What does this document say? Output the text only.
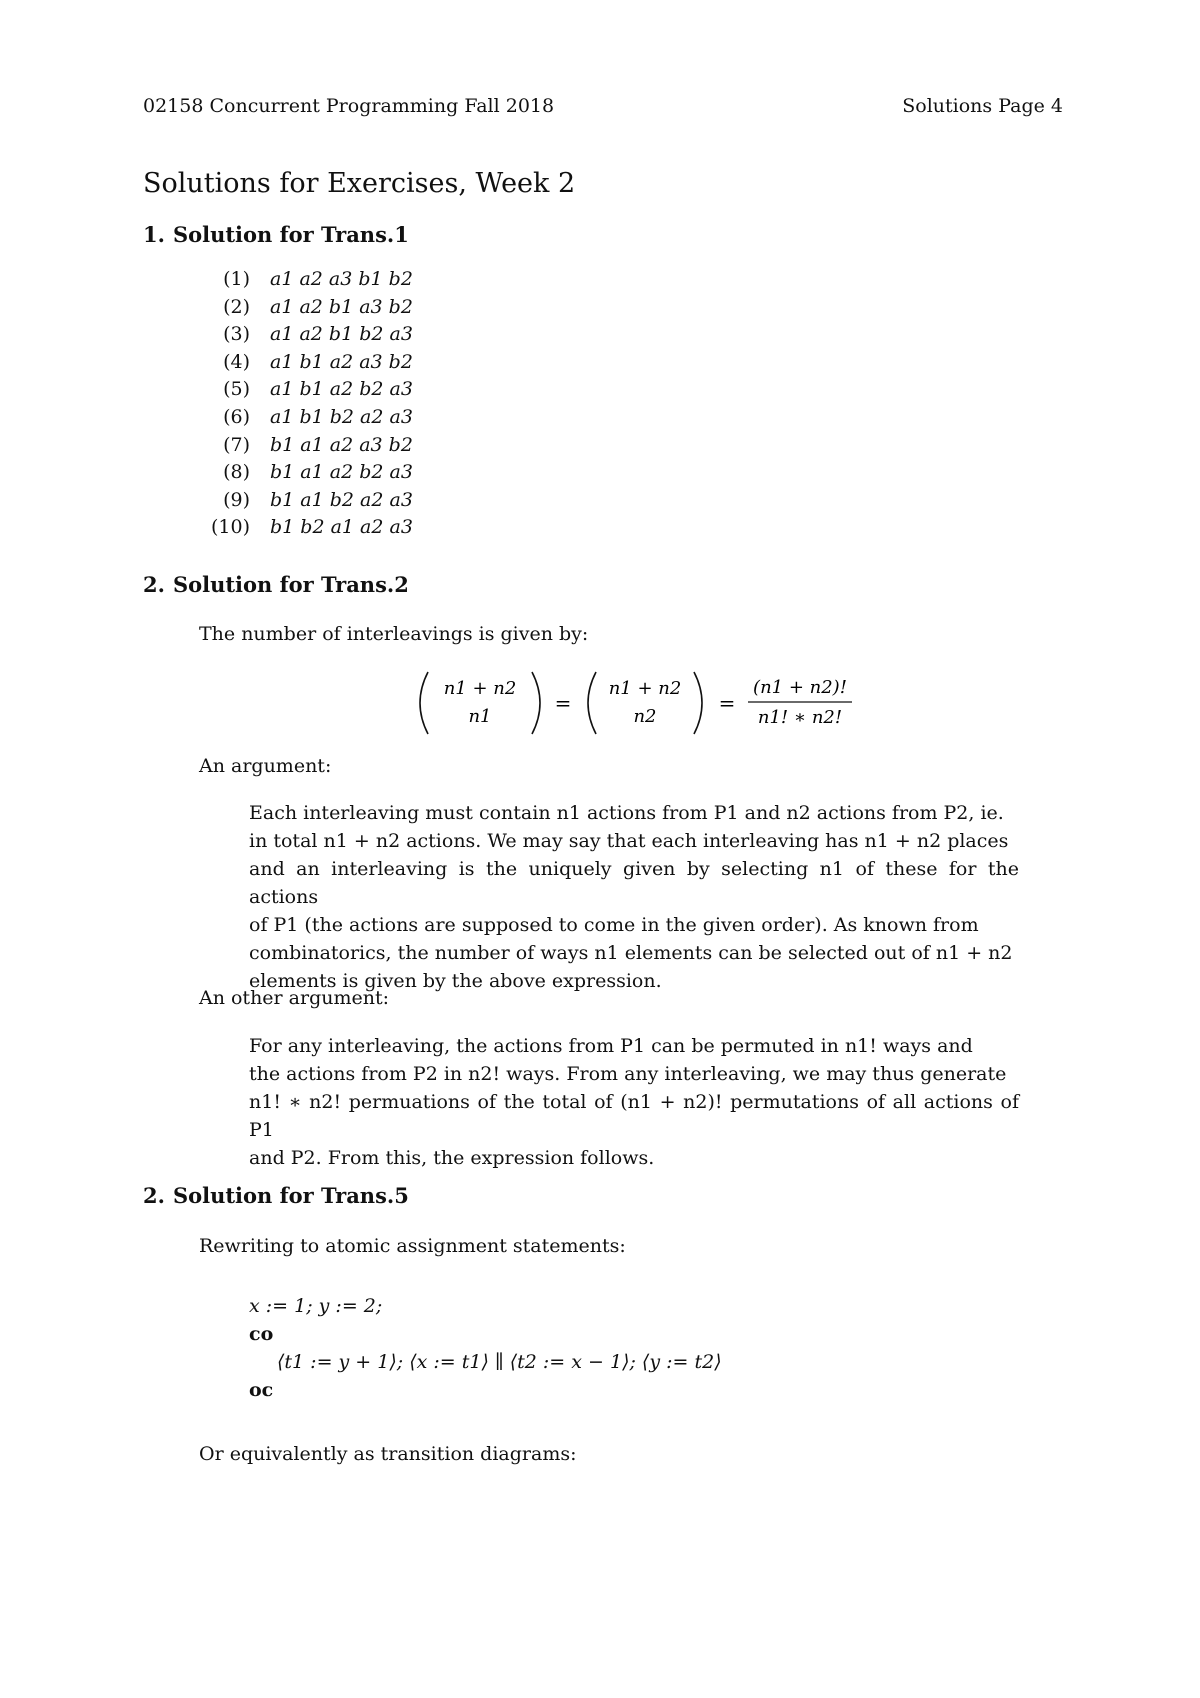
02158 Concurrent Programming Fall 2018	Solutions Page 4
Solutions for Exercises, Week 2
1. Solution for Trans.1
(1) a1 a2 a3 b1 b2
(2) a1 a2 b1 a3 b2
(3) a1 a2 b1 b2 a3
(4) a1 b1 a2 a3 b2
(5) a1 b1 a2 b2 a3
(6) a1 b1 b2 a2 a3
(7) b1 a1 a2 a3 b2
(8) b1 a1 a2 b2 a3
(9) b1 a1 b2 a2 a3
(10) b1 b2 a1 a2 a3
2. Solution for Trans.2

The number of interleavings is given by:

n1 + n2
n1
=
n1 + n2
n2
=
(n1 + n2)!
n1! ∗ n2!

An argument:

Each interleaving must contain n1 actions from P1 and n2 actions from P2, ie.
in total n1 + n2 actions. We may say that each interleaving has n1 + n2 places
and an interleaving is the uniquely given by selecting n1 of these for the actions
of P1 (the actions are supposed to come in the given order). As known from
combinatorics, the number of ways n1 elements can be selected out of n1 + n2
elements is given by the above expression.

An other argument:

For any interleaving, the actions from P1 can be permuted in n1! ways and
the actions from P2 in n2! ways. From any interleaving, we may thus generate
n1! ∗ n2! permuations of the total of (n1 + n2)! permutations of all actions of P1
and P2. From this, the expression follows.
2. Solution for Trans.5

Rewriting to atomic assignment statements:

x := 1; y := 2;
co
⟨t1 := y + 1⟩; ⟨x := t1⟩ ∥ ⟨t2 := x − 1⟩; ⟨y := t2⟩
oc

Or equivalently as transition diagrams:
